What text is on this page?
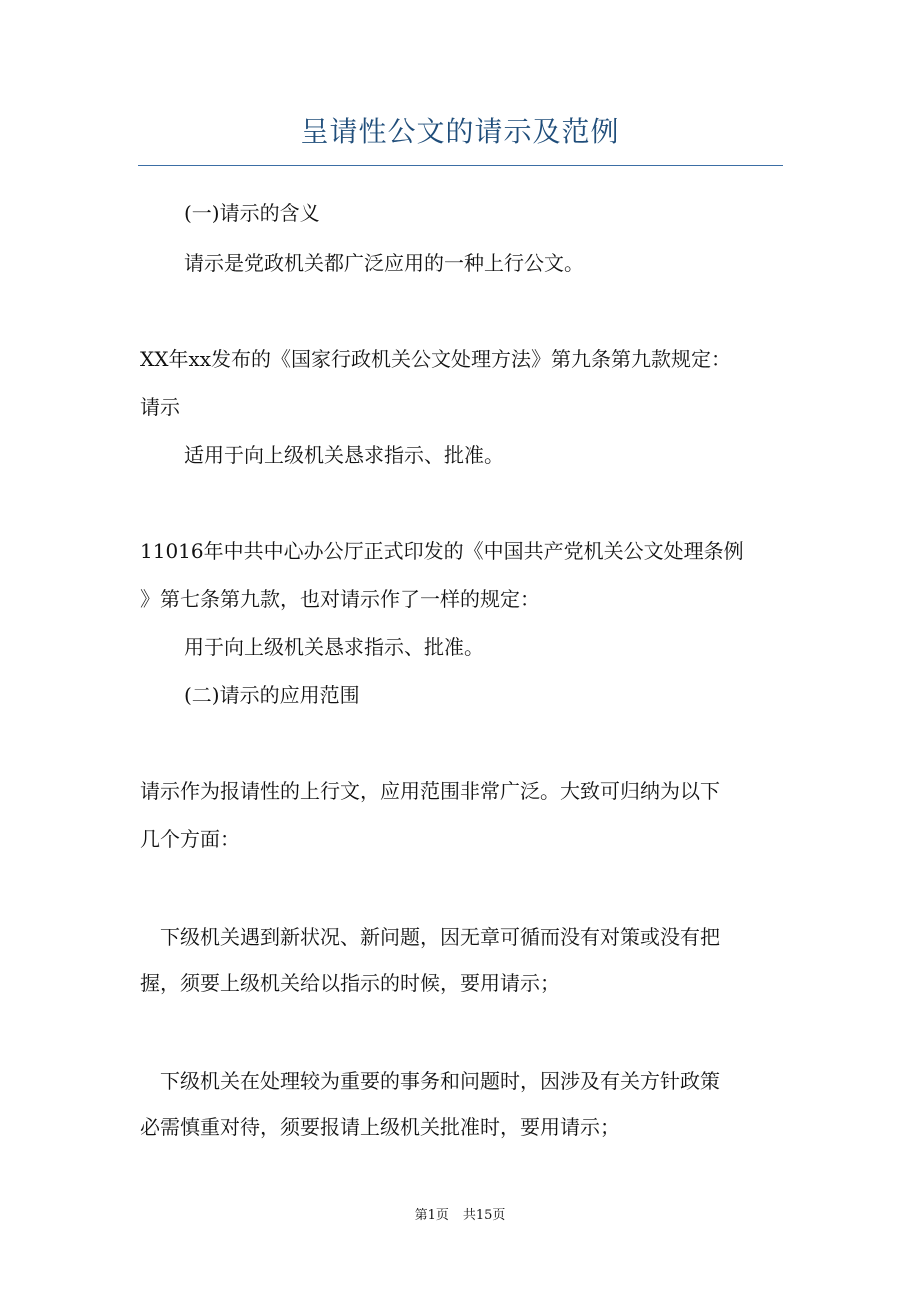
呈请性公文的请示及范例
(一)请示的含义
请示是党政机关都广泛应用的一种上行公文。
XX年xx发布的《国家行政机关公文处理方法》第九条第九款规定：
请示
适用于向上级机关恳求指示、批准。
11016年中共中心办公厅正式印发的《中国共产党机关公文处理条例
》第七条第九款，也对请示作了一样的规定：
用于向上级机关恳求指示、批准。
(二)请示的应用范围
请示作为报请性的上行文，应用范围非常广泛。大致可归纳为以下
几个方面：
下级机关遇到新状况、新问题，因无章可循而没有对策或没有把
握，须要上级机关给以指示的时候，要用请示；
下级机关在处理较为重要的事务和问题时，因涉及有关方针政策
必需慎重对待，须要报请上级机关批准时，要用请示；
第1页 共15页
